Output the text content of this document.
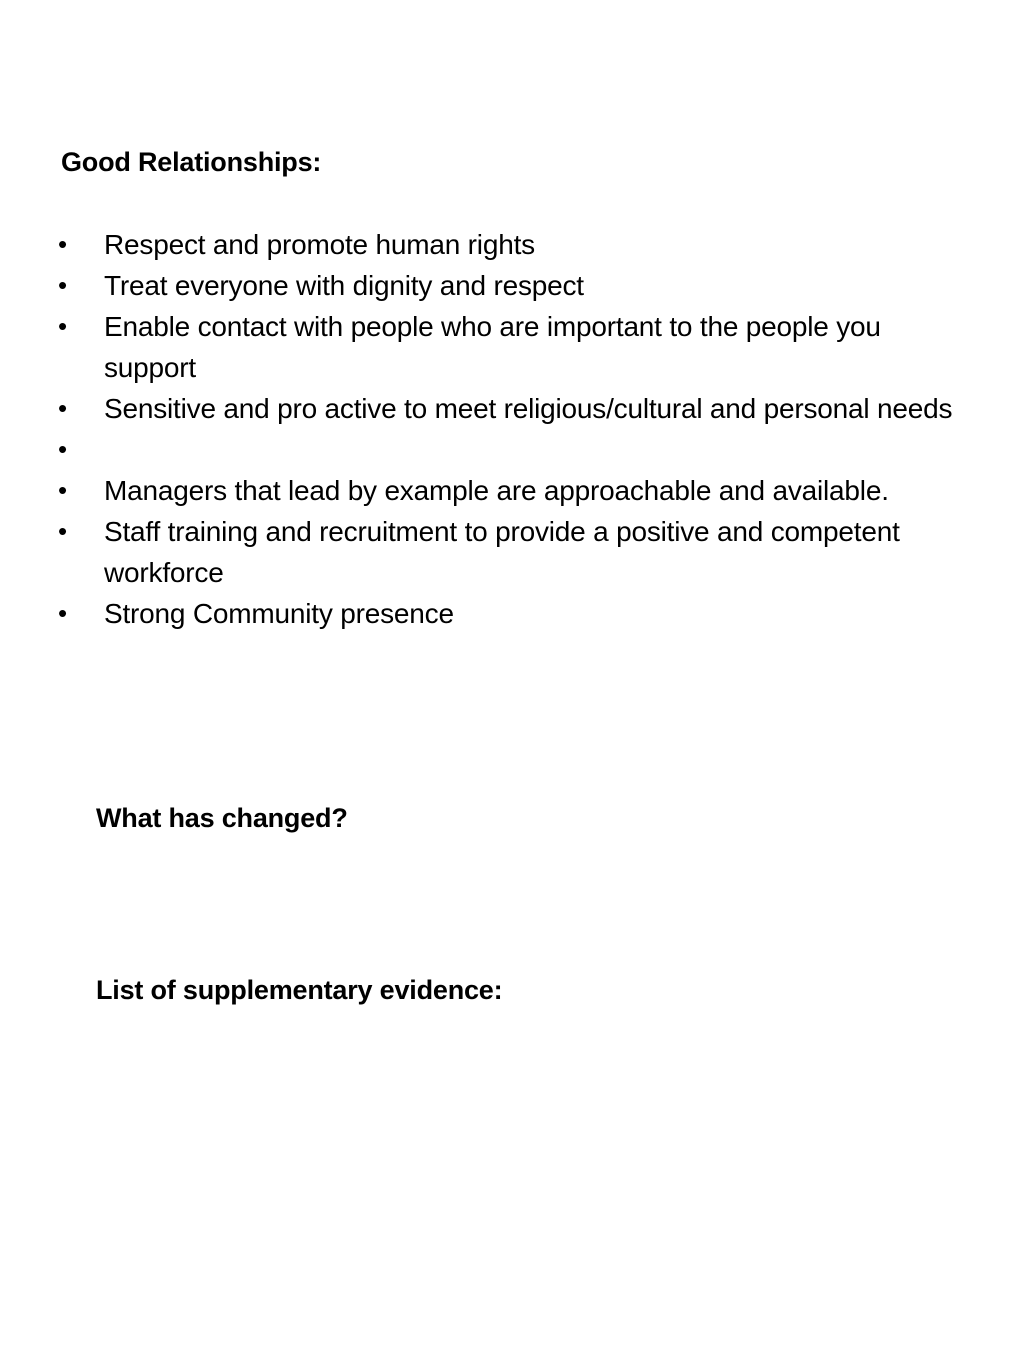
Good Relationships:
•	Respect and promote human rights
•	Treat everyone with dignity and respect
•	Enable contact with people who are important to the people you support
•	Sensitive and pro active to meet religious/cultural and personal needs
•
•	Managers that lead by example are approachable and available.
•	Staff training and recruitment to provide a positive and competent workforce
•	Strong Community presence
What has changed?
List of supplementary evidence:
